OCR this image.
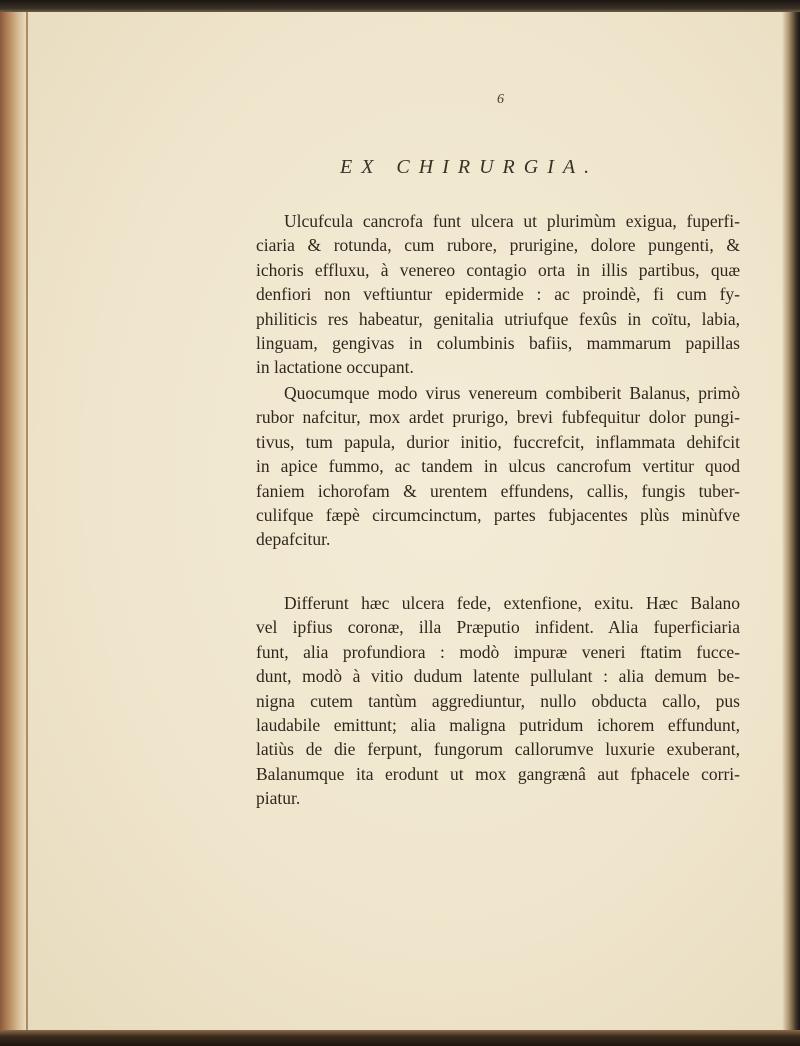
6
EX CHIRURGIA.
Ulcufcula cancrofa funt ulcera ut plurimùm exigua, fuperfi-
ciaria & rotunda, cum rubore, prurigine, dolore pungenti, &
ichoris effluxu, à venereo contagio orta in illis partibus, quæ
denfiori non veftiuntur epidermide : ac proindè, fi cum fy-
philiticis res habeatur, genitalia utriufque fexûs in coïtu, labia,
linguam, gengivas in columbinis bafiis, mammarum papillas
in lactatione occupant.
Quocumque modo virus venereum combiberit Balanus, primò
rubor nafcitur, mox ardet prurigo, brevi fubfequitur dolor pungi-
tivus, tum papula, durior initio, fuccrefcit, inflammata dehifcit
in apice fummo, ac tandem in ulcus cancrofum vertitur quod
faniem ichorofam & urentem effundens, callis, fungis tuber-
culifque fæpè circumcinctum, partes fubjacentes plùs minùfve
depafcitur.
Differunt hæc ulcera fede, extenfione, exitu. Hæc Balano
vel ipfius coronæ, illa Præputio infident. Alia fuperficiaria
funt, alia profundiora : modò impuræ veneri ftatim fucce-
dunt, modò à vitio dudum latente pullulant : alia demum be-
nigna cutem tantùm aggrediuntur, nullo obducta callo, pus
laudabile emittunt; alia maligna putridum ichorem effundunt,
latiùs de die ferpunt, fungorum callorumve luxurie exuberant,
Balanumque ita erodunt ut mox gangrænâ aut fphacele corri-
piatur.
